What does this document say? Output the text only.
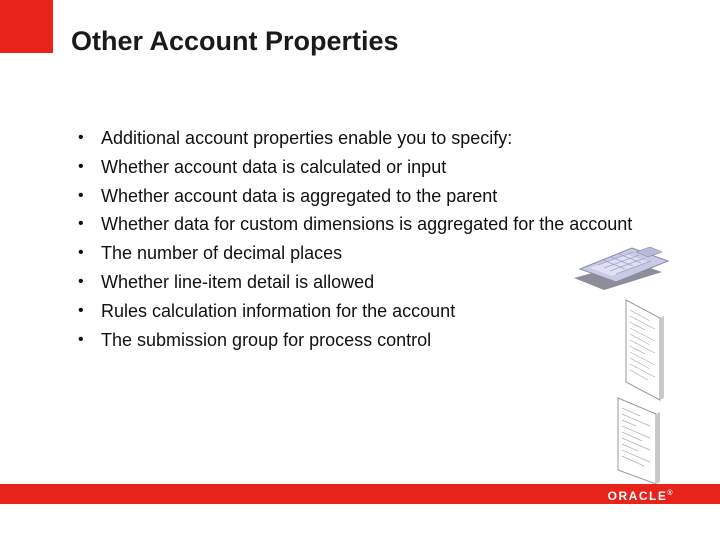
Other Account Properties
• Additional account properties enable you to specify:
• Whether account data is calculated or input
• Whether account data is aggregated to the parent
• Whether data for custom dimensions is aggregated for the account
• The number of decimal places
• Whether line-item detail is allowed
• Rules calculation information for the account
• The submission group for process control
ORACLE®
